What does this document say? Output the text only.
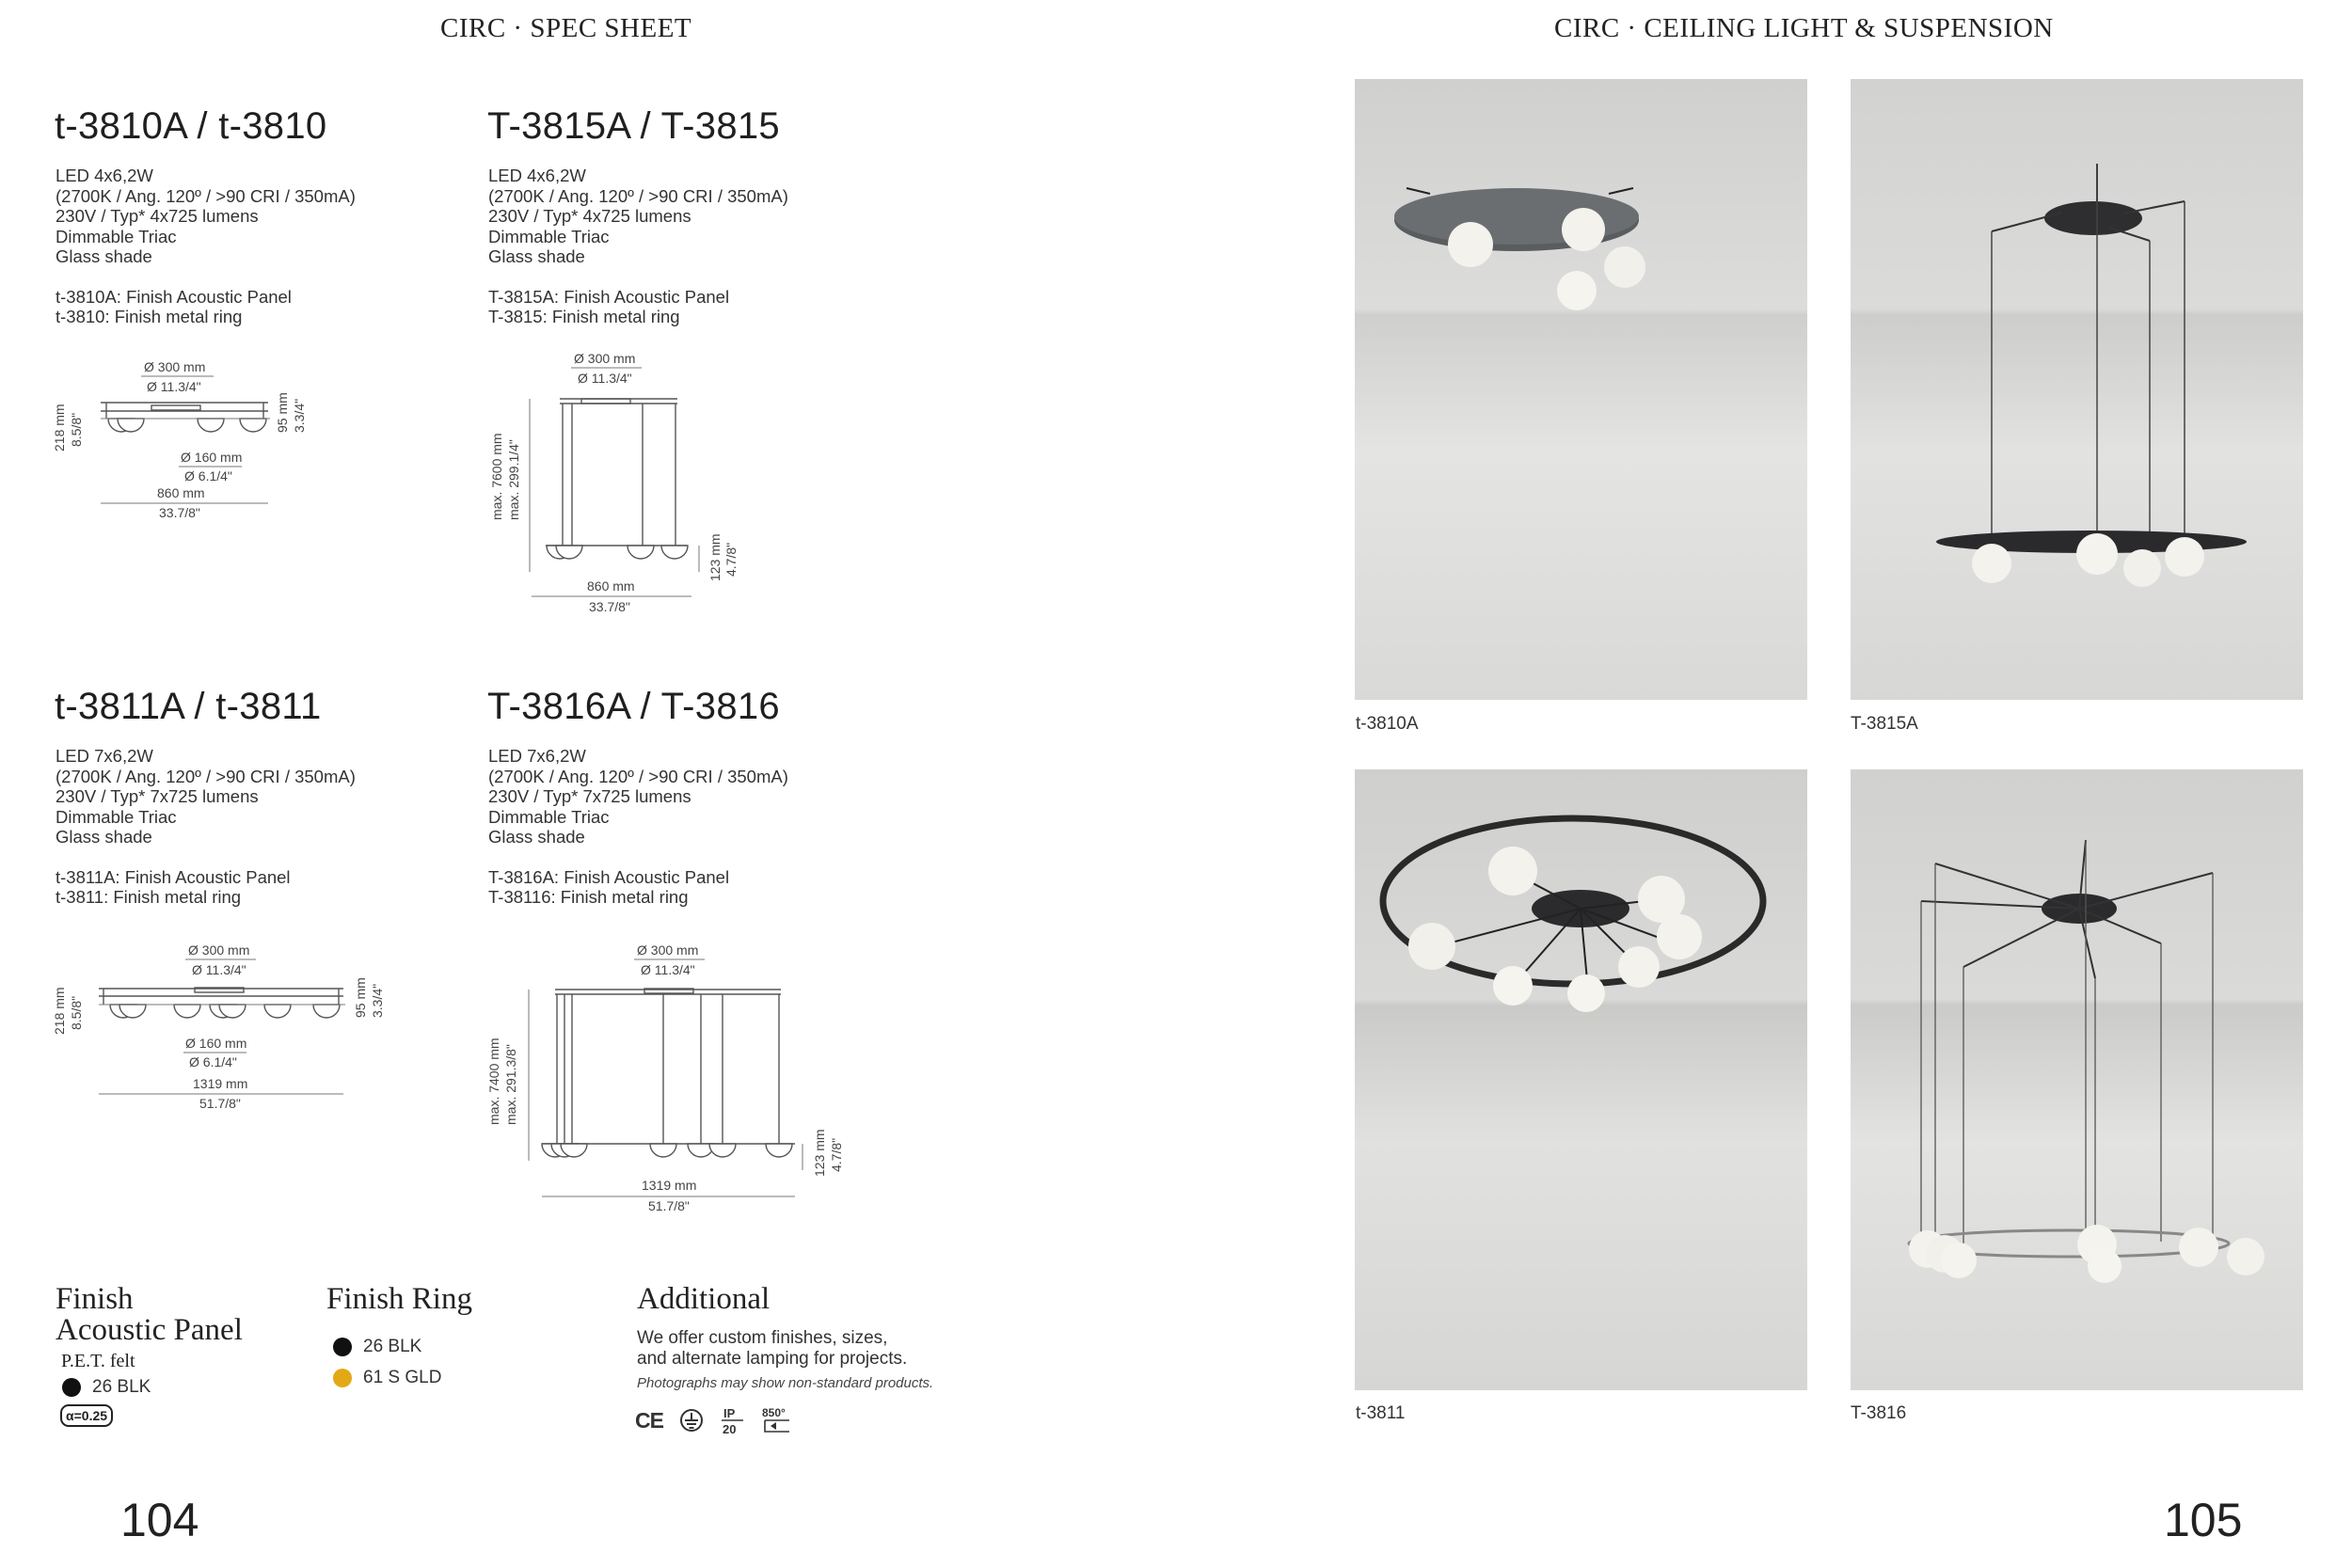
CIRC · SPEC SHEET
t-3810A / t-3810
LED 4x6,2W
(2700K / Ang. 120º / >90 CRI / 350mA)
230V / Typ* 4x725 lumens
Dimmable Triac
Glass shade
t-3810A: Finish Acoustic Panel
t-3810: Finish metal ring
Ø 300 mm
Ø 11.3/4"
218 mm 8.5/8"	95 mm 3.3/4"
Ø 160 mm
Ø 6.1/4"
860 mm
33.7/8"
T-3815A / T-3815
LED 4x6,2W
(2700K / Ang. 120º / >90 CRI / 350mA)
230V / Typ* 4x725 lumens
Dimmable Triac
Glass shade
T-3815A: Finish Acoustic Panel
T-3815: Finish metal ring
Ø 300 mm
Ø 11.3/4"
max. 7600 mm max. 299.1/4"
123 mm 4.7/8"
860 mm
33.7/8"
t-3811A / t-3811
LED 7x6,2W
(2700K / Ang. 120º / >90 CRI / 350mA)
230V / Typ* 7x725 lumens
Dimmable Triac
Glass shade
t-3811A: Finish Acoustic Panel
t-3811: Finish metal ring
Ø 300 mm
Ø 11.3/4"
218 mm 8.5/8"	95 mm 3.3/4"
Ø 160 mm
Ø 6.1/4"
1319 mm
51.7/8"
T-3816A / T-3816
LED 7x6,2W
(2700K / Ang. 120º / >90 CRI / 350mA)
230V / Typ* 7x725 lumens
Dimmable Triac
Glass shade
T-3816A: Finish Acoustic Panel
T-38116: Finish metal ring
Ø 300 mm
Ø 11.3/4"
max. 7400 mm max. 291.3/8"
123 mm 4.7/8"
1319 mm
51.7/8"
Finish
Acoustic Panel
P.E.T. felt
26 BLK
α=0.25
Finish Ring
26 BLK
61 S GLD
Additional
We offer custom finishes, sizes,
and alternate lamping for projects.
Photographs may show non-standard products.
CE	IP
20
850°
104
CIRC · CEILING LIGHT & SUSPENSION
t-3810A	T-3815A
t-3811	T-3816
105
